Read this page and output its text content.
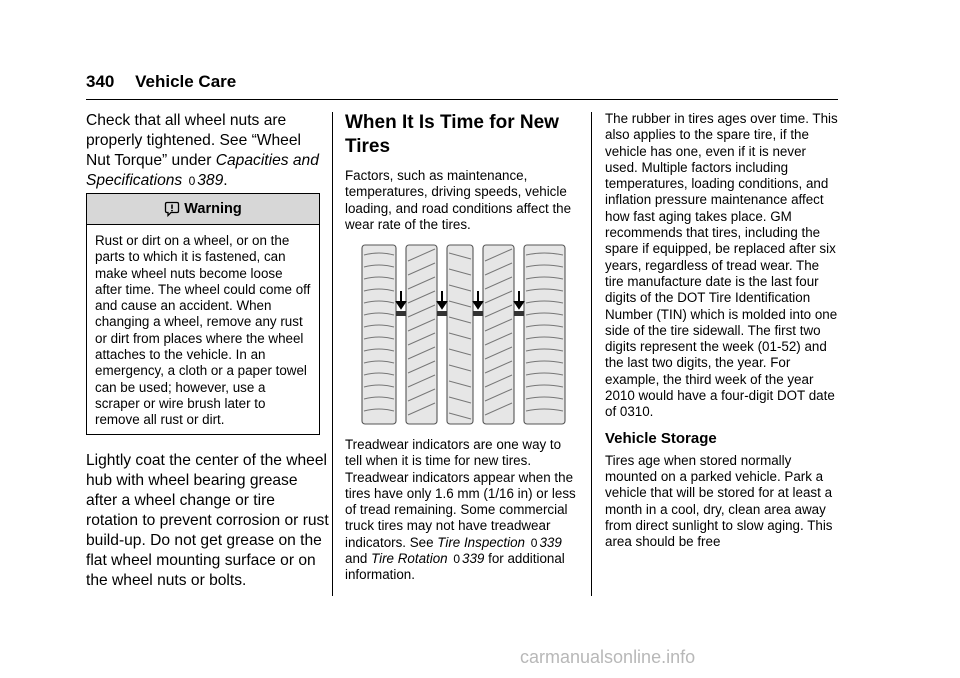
340 Vehicle Care

Check that all wheel nuts are properly tightened. See “Wheel Nut Torque” under Capacities and Specifications 0 389.

Warning

Rust or dirt on a wheel, or on the parts to which it is fastened, can make wheel nuts become loose after time. The wheel could come off and cause an accident. When changing a wheel, remove any rust or dirt from places where the wheel attaches to the vehicle. In an emergency, a cloth or a paper towel can be used; however, use a scraper or wire brush later to remove all rust or dirt.

Lightly coat the center of the wheel hub with wheel bearing grease after a wheel change or tire rotation to prevent corrosion or rust build-up. Do not get grease on the flat wheel mounting surface or on the wheel nuts or bolts.

When It Is Time for New Tires

Factors, such as maintenance, temperatures, driving speeds, vehicle loading, and road conditions affect the wear rate of the tires.

Treadwear indicators are one way to tell when it is time for new tires. Treadwear indicators appear when the tires have only 1.6 mm (1/16 in) or less of tread remaining. Some commercial truck tires may not have treadwear indicators. See Tire Inspection 0 339 and Tire Rotation 0 339 for additional information.

The rubber in tires ages over time. This also applies to the spare tire, if the vehicle has one, even if it is never used. Multiple factors including temperatures, loading conditions, and inflation pressure maintenance affect how fast aging takes place. GM recommends that tires, including the spare if equipped, be replaced after six years, regardless of tread wear. The tire manufacture date is the last four digits of the DOT Tire Identification Number (TIN) which is molded into one side of the tire sidewall. The first two digits represent the week (01-52) and the last two digits, the year. For example, the third week of the year 2010 would have a four-digit DOT date of 0310.

Vehicle Storage

Tires age when stored normally mounted on a parked vehicle. Park a vehicle that will be stored for at least a month in a cool, dry, clean area away from direct sunlight to slow aging. This area should be free

carmanualsonline.info
